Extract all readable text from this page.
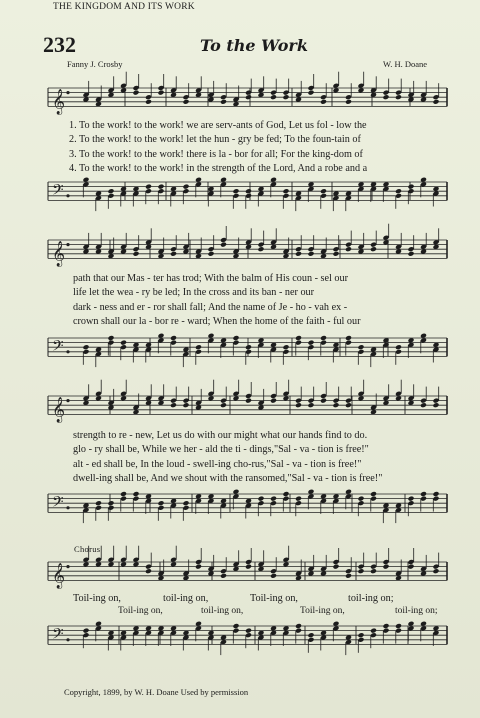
THE KINGDOM AND ITS WORK
232	To the Work
Fanny J. Crosby	W. H. Doane
𝄞
1. To the work! to the work! we are serv-ants of God, Let us fol - low the
2. To the work! to the work! let the hun - gry be fed; To the foun-tain of
3. To the work! to the work! there is la - bor for all; For the king-dom of
4. To the work! to the work! in the strength of the Lord, And a robe and a
𝄢
𝄞
path that our Mas - ter has trod; With the balm of His coun - sel our
life let the wea - ry be led; In the cross and its ban - ner our
dark - ness and er - ror shall fall; And the name of Je - ho - vah ex -
crown shall our la - bor re - ward; When the home of the faith - ful our
𝄢
𝄞
strength to re - new, Let us do with our might what our hands find to do.
glo - ry shall be, While we her - ald the ti - dings,"Sal - va - tion is free!"
alt - ed shall be, In the loud - swell-ing cho-rus,"Sal - va - tion is free!"
dwell-ing shall be, And we shout with the ransomed,"Sal - va - tion is free!"
𝄢
Chorus
𝄞
Toil-ing on,	toil-ing on,	Toil-ing on,	toil-ing on;
Toil-ing on,	toil-ing on,	Toil-ing on,	toil-ing on;
𝄢
Copyright, 1899, by W. H. Doane Used by permission
